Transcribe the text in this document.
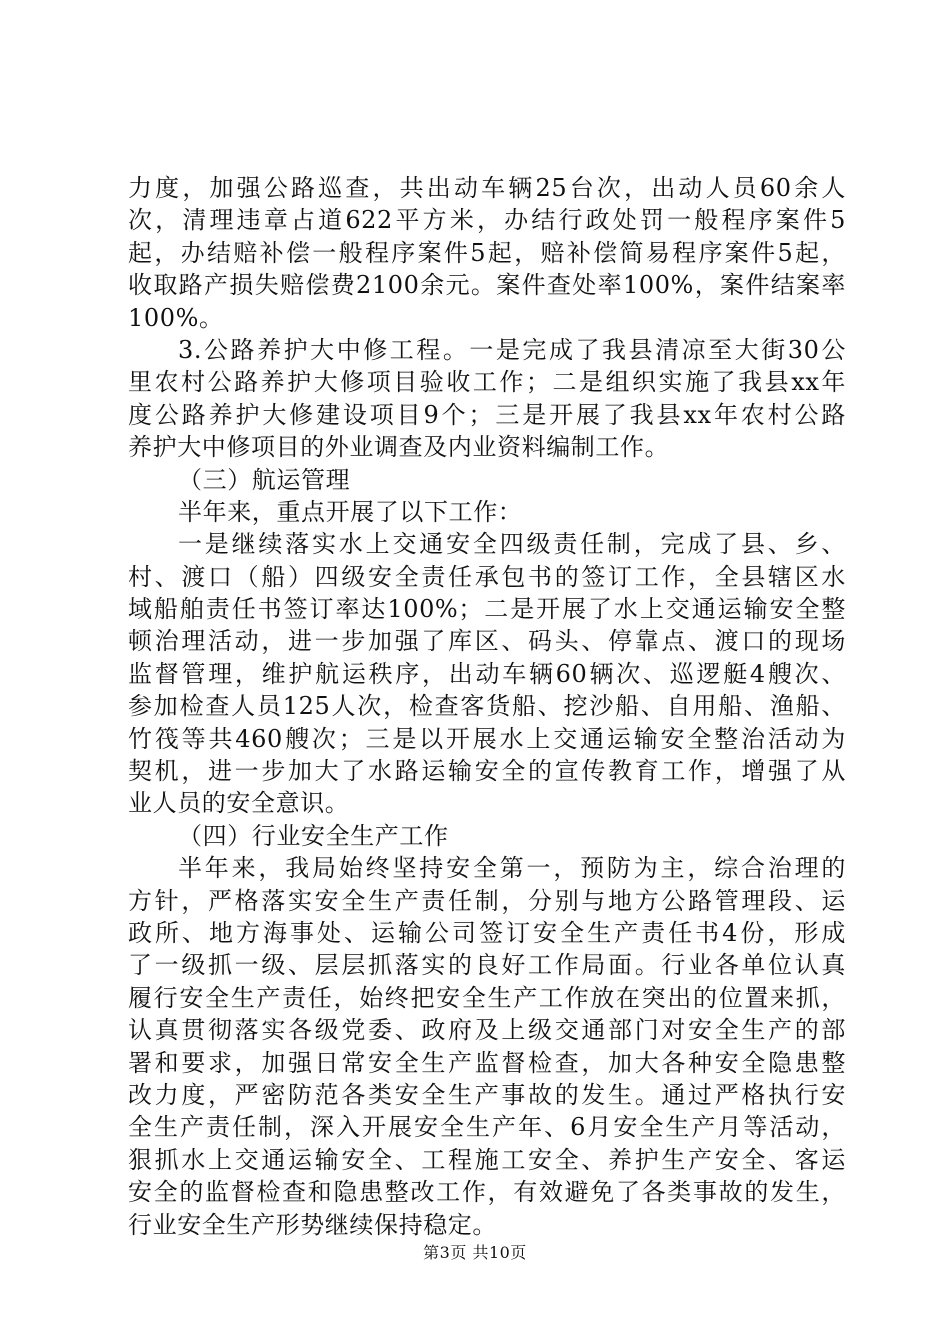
力度，加强公路巡查，共出动车辆25台次，出动人员60余人
次，清理违章占道622平方米，办结行政处罚一般程序案件5
起，办结赔补偿一般程序案件5起，赔补偿简易程序案件5起，
收取路产损失赔偿费2100余元。案件查处率100%，案件结案率
100%。
3.公路养护大中修工程。一是完成了我县清凉至大街30公
里农村公路养护大修项目验收工作；二是组织实施了我县xx年
度公路养护大修建设项目9个；三是开展了我县xx年农村公路
养护大中修项目的外业调查及内业资料编制工作。
（三）航运管理
半年来，重点开展了以下工作：
一是继续落实水上交通安全四级责任制，完成了县、乡、
村、渡口（船）四级安全责任承包书的签订工作，全县辖区水
域船舶责任书签订率达100%；二是开展了水上交通运输安全整
顿治理活动，进一步加强了库区、码头、停靠点、渡口的现场
监督管理，维护航运秩序，出动车辆60辆次、巡逻艇4艘次、
参加检查人员125人次，检查客货船、挖沙船、自用船、渔船、
竹筏等共460艘次；三是以开展水上交通运输安全整治活动为
契机，进一步加大了水路运输安全的宣传教育工作，增强了从
业人员的安全意识。
（四）行业安全生产工作
半年来，我局始终坚持安全第一，预防为主，综合治理的
方针，严格落实安全生产责任制，分别与地方公路管理段、运
政所、地方海事处、运输公司签订安全生产责任书4份，形成
了一级抓一级、层层抓落实的良好工作局面。行业各单位认真
履行安全生产责任，始终把安全生产工作放在突出的位置来抓，
认真贯彻落实各级党委、政府及上级交通部门对安全生产的部
署和要求，加强日常安全生产监督检查，加大各种安全隐患整
改力度，严密防范各类安全生产事故的发生。通过严格执行安
全生产责任制，深入开展安全生产年、6月安全生产月等活动，
狠抓水上交通运输安全、工程施工安全、养护生产安全、客运
安全的监督检查和隐患整改工作，有效避免了各类事故的发生，
行业安全生产形势继续保持稳定。
第3页 共10页
